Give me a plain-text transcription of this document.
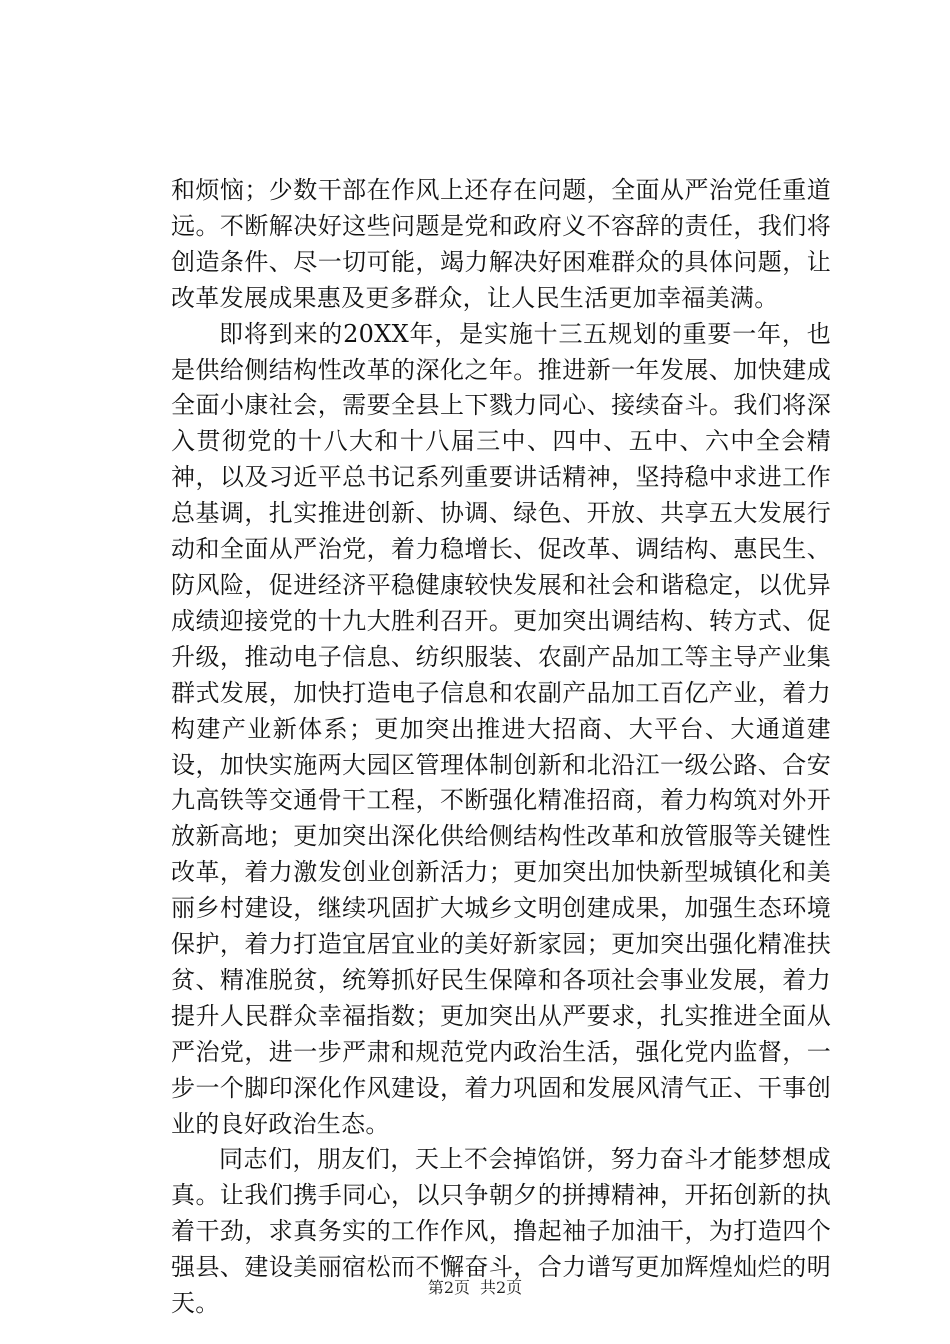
和烦恼；少数干部在作风上还存在问题，全面从严治党任重道远。不断解决好这些问题是党和政府义不容辞的责任，我们将创造条件、尽一切可能，竭力解决好困难群众的具体问题，让改革发展成果惠及更多群众，让人民生活更加幸福美满。

即将到来的20XX年，是实施十三五规划的重要一年，也是供给侧结构性改革的深化之年。推进新一年发展、加快建成全面小康社会，需要全县上下戮力同心、接续奋斗。我们将深入贯彻党的十八大和十八届三中、四中、五中、六中全会精神，以及习近平总书记系列重要讲话精神，坚持稳中求进工作总基调，扎实推进创新、协调、绿色、开放、共享五大发展行动和全面从严治党，着力稳增长、促改革、调结构、惠民生、防风险，促进经济平稳健康较快发展和社会和谐稳定，以优异成绩迎接党的十九大胜利召开。更加突出调结构、转方式、促升级，推动电子信息、纺织服装、农副产品加工等主导产业集群式发展，加快打造电子信息和农副产品加工百亿产业，着力构建产业新体系；更加突出推进大招商、大平台、大通道建设，加快实施两大园区管理体制创新和北沿江一级公路、合安九高铁等交通骨干工程，不断强化精准招商，着力构筑对外开放新高地；更加突出深化供给侧结构性改革和放管服等关键性改革，着力激发创业创新活力；更加突出加快新型城镇化和美丽乡村建设，继续巩固扩大城乡文明创建成果，加强生态环境保护，着力打造宜居宜业的美好新家园；更加突出强化精准扶贫、精准脱贫，统筹抓好民生保障和各项社会事业发展，着力提升人民群众幸福指数；更加突出从严要求，扎实推进全面从严治党，进一步严肃和规范党内政治生活，强化党内监督，一步一个脚印深化作风建设，着力巩固和发展风清气正、干事创业的良好政治生态。

同志们，朋友们，天上不会掉馅饼，努力奋斗才能梦想成真。让我们携手同心，以只争朝夕的拼搏精神，开拓创新的执着干劲，求真务实的工作作风，撸起袖子加油干，为打造四个强县、建设美丽宿松而不懈奋斗，合力谱写更加辉煌灿烂的明天。

第2页 共2页
